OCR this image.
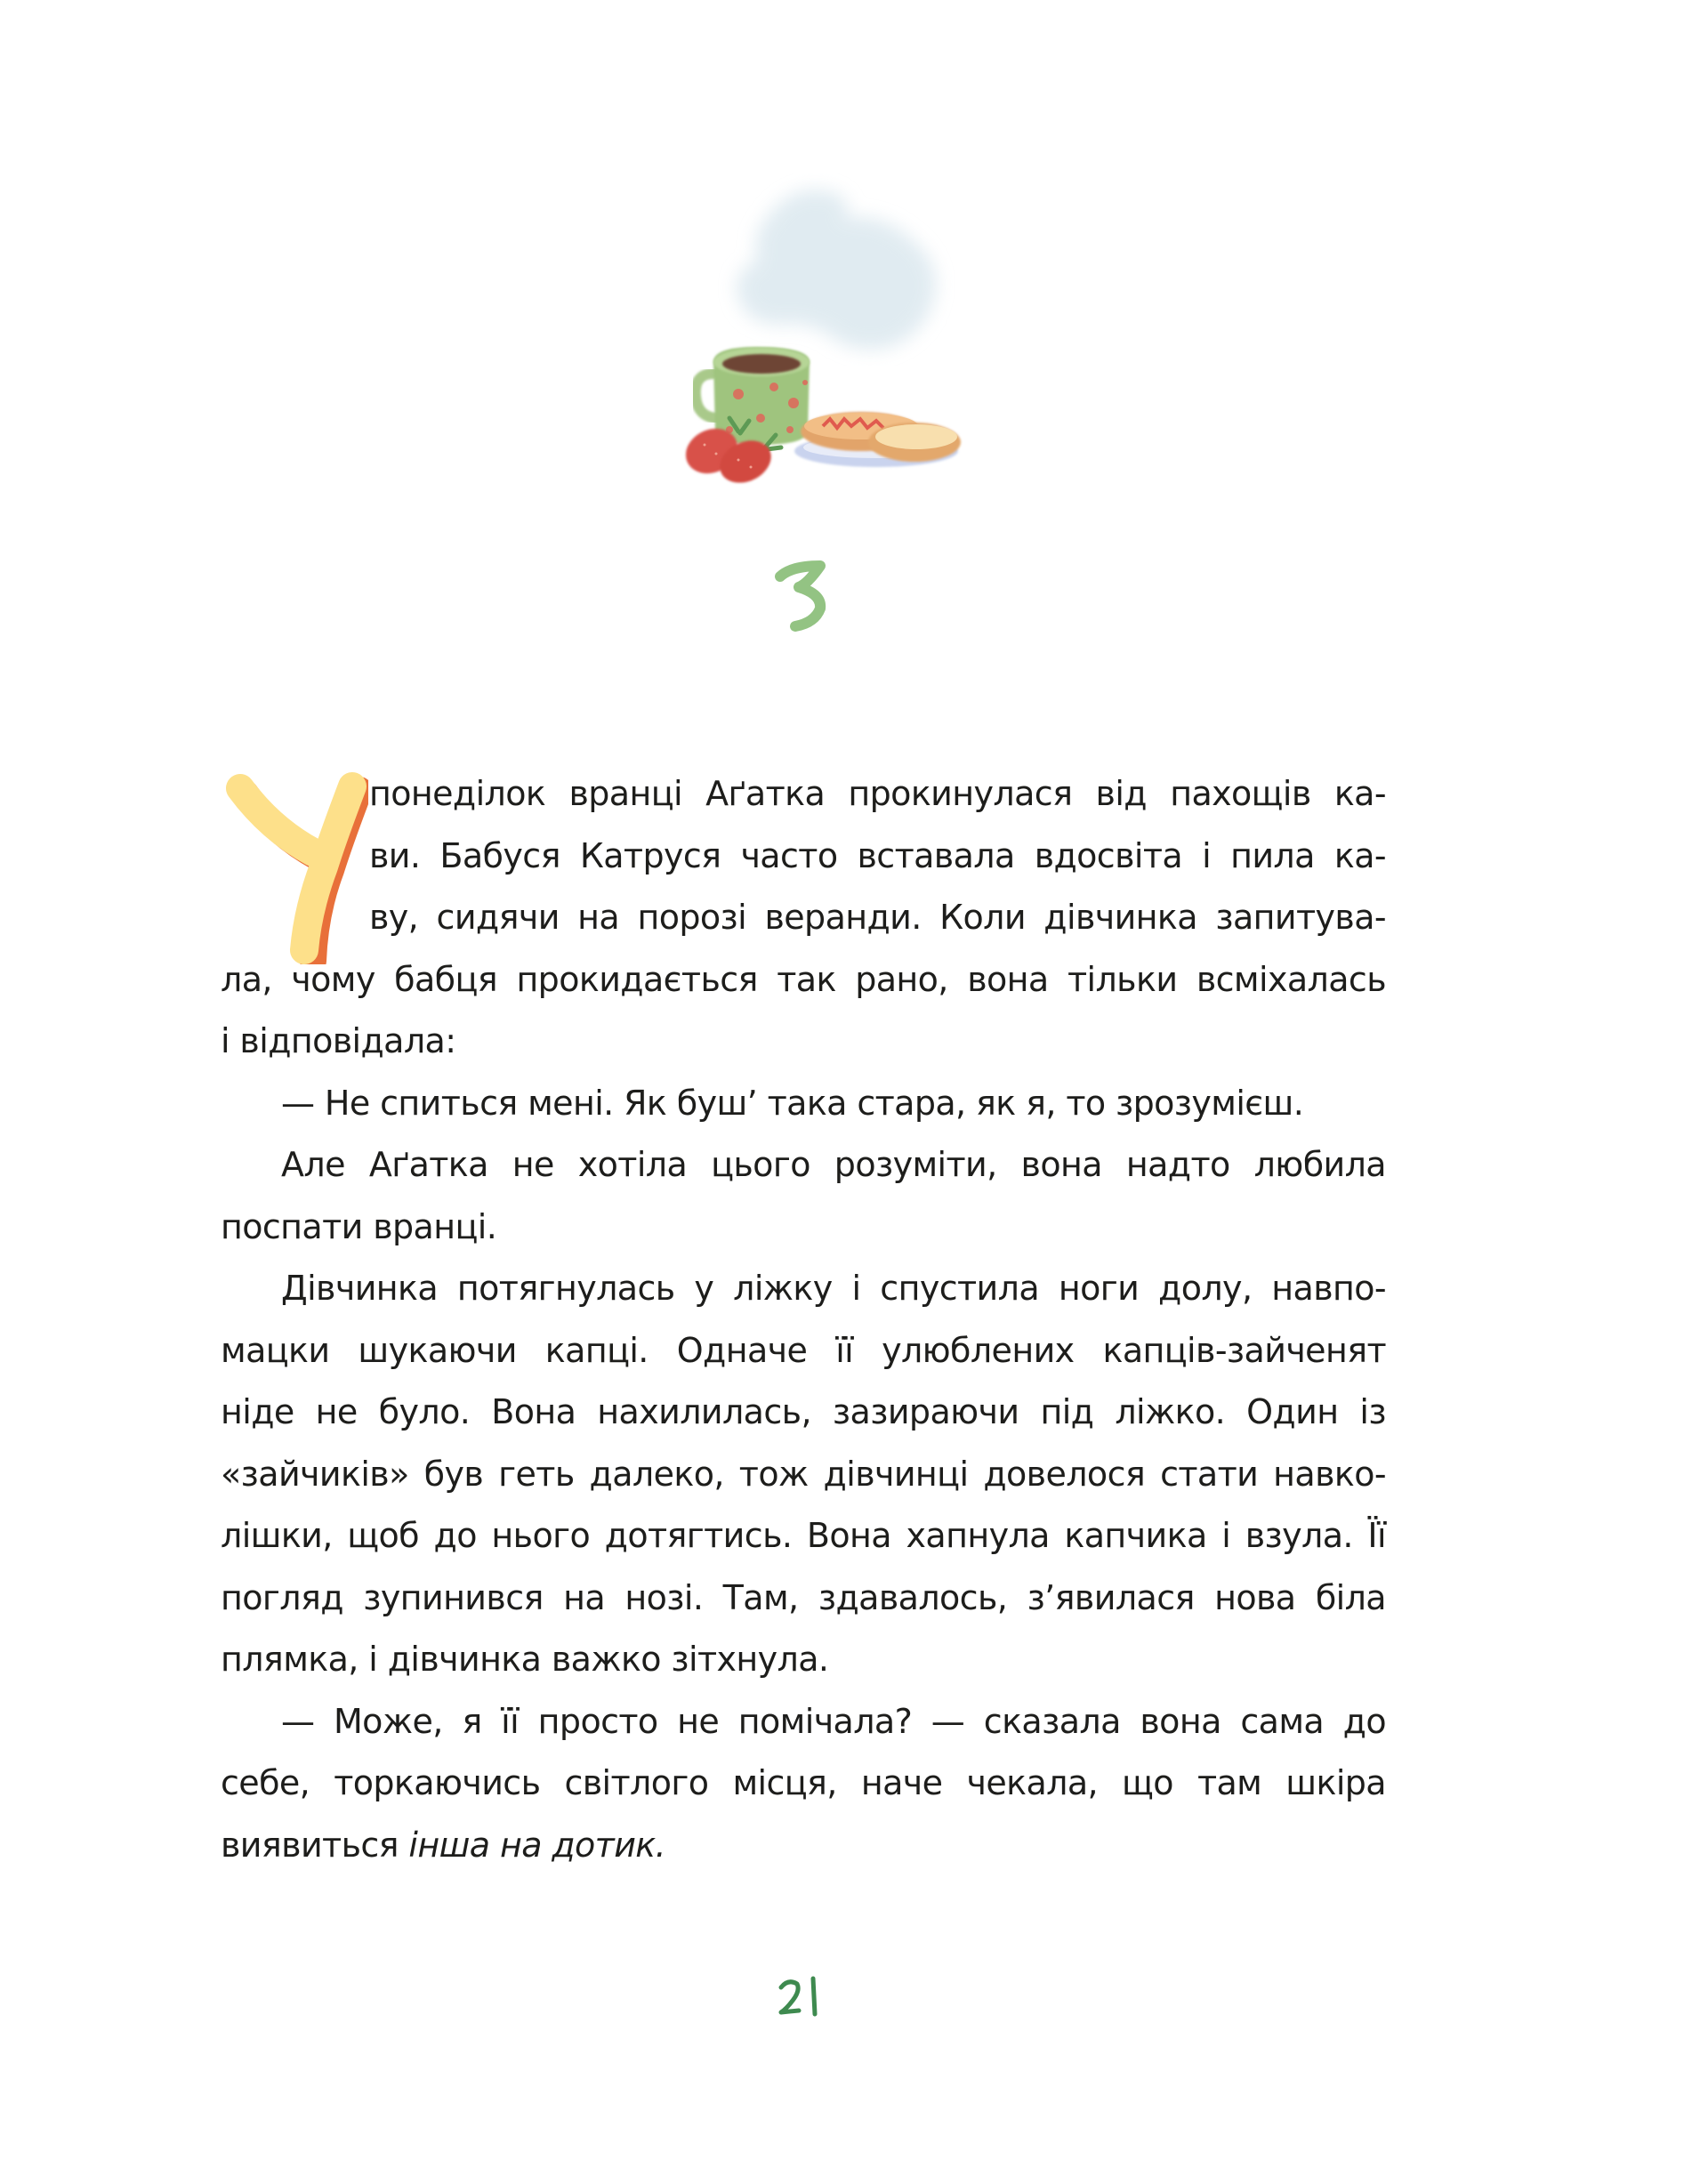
понеділок вранці Аґатка прокинулася від пахощів ка-
ви. Бабуся Катруся часто вставала вдосвіта і пила ка-
ву, сидячи на порозі веранди. Коли дівчинка запитува-
ла, чому бабця прокидається так рано, вона тільки всміхалась
і відповідала:
— Не спиться мені. Як буш’ така стара, як я, то зрозумієш.
Але Аґатка не хотіла цього розуміти, вона надто любила
поспати вранці.
Дівчинка потягнулась у ліжку і спустила ноги долу, навпо-
мацки шукаючи капці. Одначе її улюблених капців-зайченят
ніде не було. Вона нахилилась, зазираючи під ліжко. Один із
«зайчиків» був геть далеко, тож дівчинці довелося стати навко-
лішки, щоб до нього дотягтись. Вона хапнула капчика і взула. Її
погляд зупинився на нозі. Там, здавалось, з’явилася нова біла
плямка, і дівчинка важко зітхнула.
— Може, я її просто не помічала? — сказала вона сама до
себе, торкаючись світлого місця, наче чекала, що там шкіра
виявиться інша на дотик.
